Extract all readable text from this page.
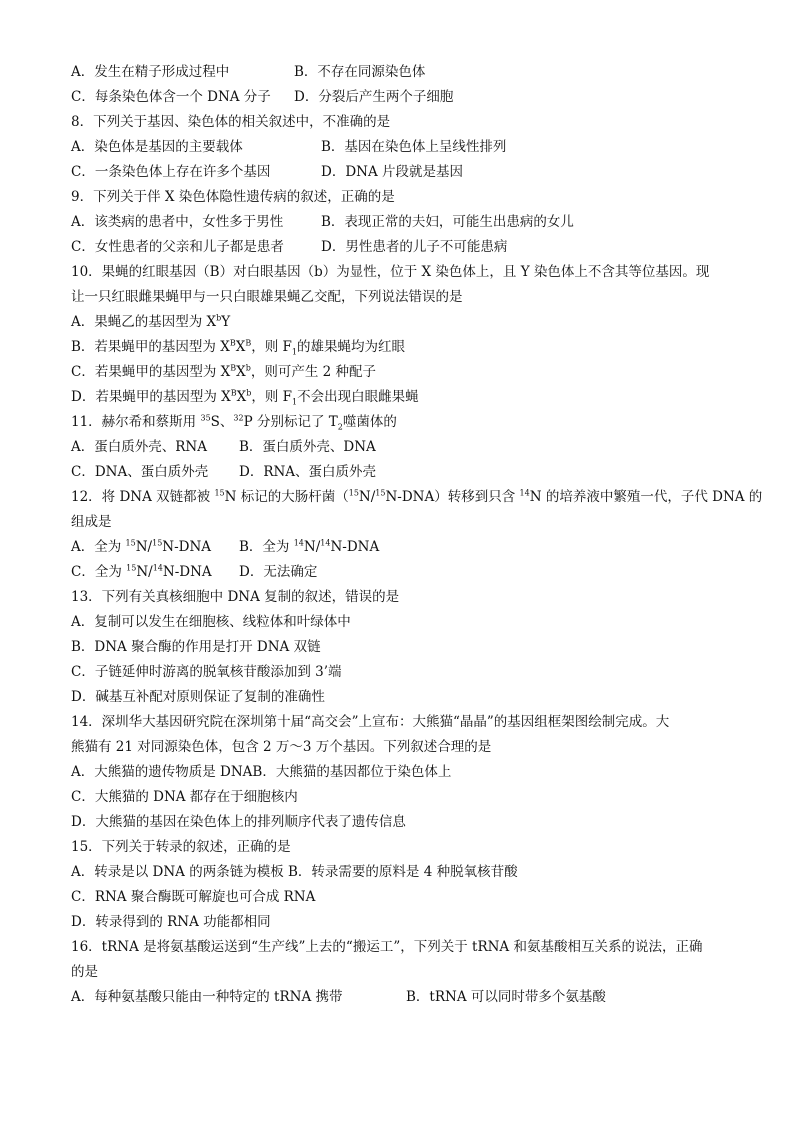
A．发生在精子形成过程中	B．不存在同源染色体
C．每条染色体含一个 DNA 分子 D．分裂后产生两个子细胞
8．下列关于基因、染色体的相关叙述中，不准确的是
A．染色体是基因的主要载体	B．基因在染色体上呈线性排列
C．一条染色体上存在许多个基因	D．DNA 片段就是基因
9．下列关于伴 X 染色体隐性遗传病的叙述，正确的是
A．该类病的患者中，女性多于男性	B．表现正常的夫妇，可能生出患病的女儿
C．女性患者的父亲和儿子都是患者	D．男性患者的儿子不可能患病
10．果蝇的红眼基因（B）对白眼基因（b）为显性，位于 X 染色体上，且 Y 染色体上不含其等位基因。现
让一只红眼雌果蝇甲与一只白眼雄果蝇乙交配，下列说法错误的是
A．果蝇乙的基因型为 $X^bY$
B．若果蝇甲的基因型为 $X^BX^B$，则 $F_1$的雄果蝇均为红眼
C．若果蝇甲的基因型为 $X^BX^b$，则可产生 2 种配子
D．若果蝇甲的基因型为 $X^BX^b$，则 $F_1$不会出现白眼雌果蝇
11．赫尔希和蔡斯用 $^{35}$S、$^{32}$P 分别标记了 $T_2$噬菌体的
A．蛋白质外壳、RNA B．蛋白质外壳、DNA
C．DNA、蛋白质外壳 D．RNA、蛋白质外壳
12．将 DNA 双链都被 $^{15}$N 标记的大肠杆菌（$^{15}$N/$^{15}$N-DNA）转移到只含 $^{14}$N 的培养液中繁殖一代，子代 DNA 的
组成是
A．全为 $^{15}$N/$^{15}$N-DNA B．全为 $^{14}$N/$^{14}$N-DNA
C．全为 $^{15}$N/$^{14}$N-DNA D．无法确定
13．下列有关真核细胞中 DNA 复制的叙述，错误的是
A．复制可以发生在细胞核、线粒体和叶绿体中
B．DNA 聚合酶的作用是打开 DNA 双链
C．子链延伸时游离的脱氧核苷酸添加到 3’端
D．碱基互补配对原则保证了复制的准确性
14．深圳华大基因研究院在深圳第十届“高交会”上宣布：大熊猫“晶晶”的基因组框架图绘制完成。大
熊猫有 21 对同源染色体，包含 2 万～3 万个基因。下列叙述合理的是
A．大熊猫的遗传物质是 DNAB．大熊猫的基因都位于染色体上
C．大熊猫的 DNA 都存在于细胞核内
D．大熊猫的基因在染色体上的排列顺序代表了遗传信息
15．下列关于转录的叙述，正确的是
A．转录是以 DNA 的两条链为模板 B．转录需要的原料是 4 种脱氧核苷酸
C．RNA 聚合酶既可解旋也可合成 RNA
D．转录得到的 RNA 功能都相同
16．tRNA 是将氨基酸运送到“生产线”上去的“搬运工”，下列关于 tRNA 和氨基酸相互关系的说法，正确
的是
A．每种氨基酸只能由一种特定的 tRNA 携带	B．tRNA 可以同时带多个氨基酸
